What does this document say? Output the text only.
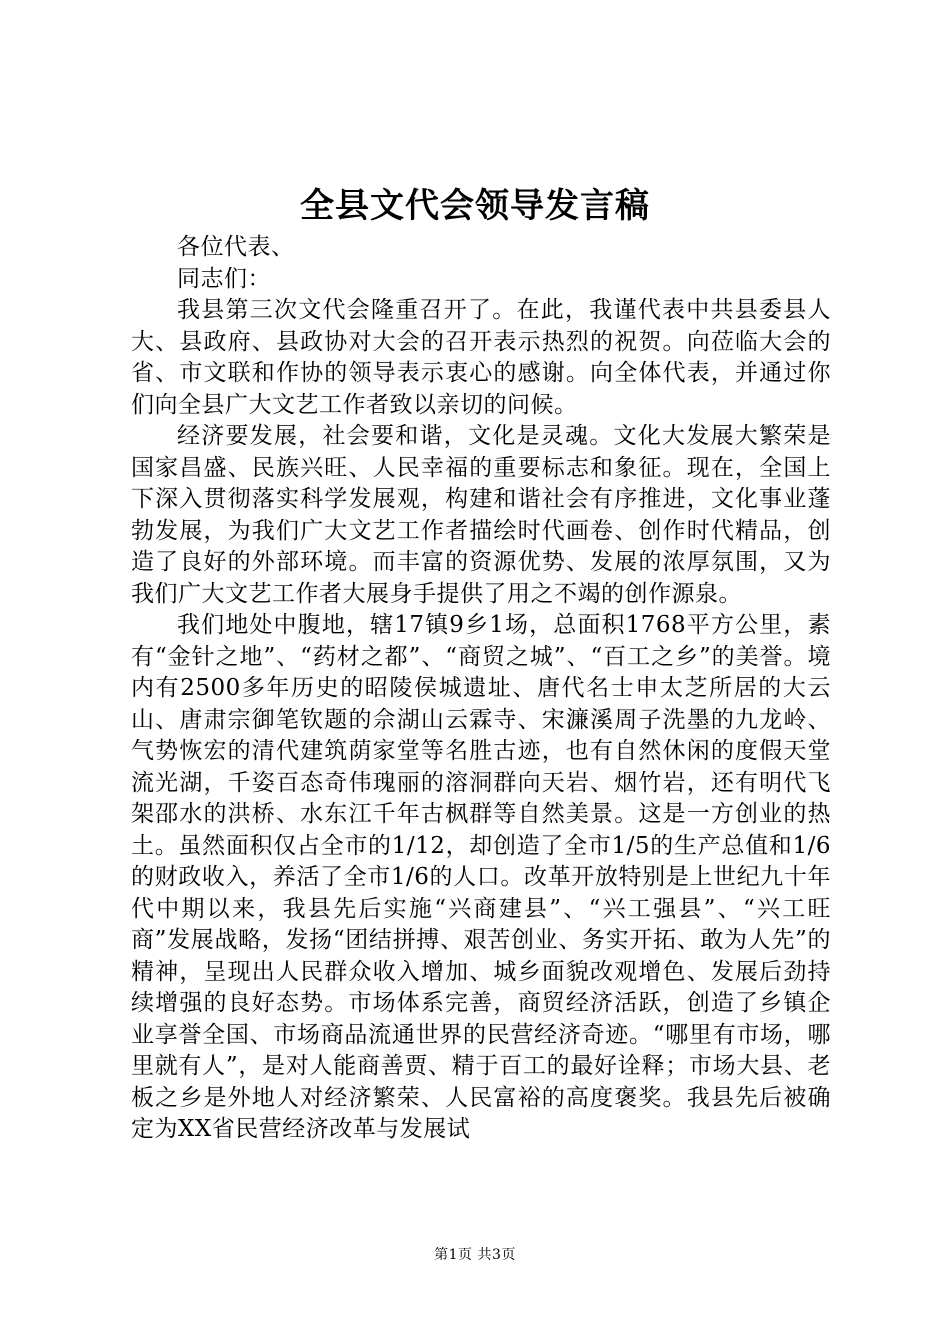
全县文代会领导发言稿

各位代表、

同志们：

我县第三次文代会隆重召开了。在此，我谨代表中共县委县人大、县政府、县政协对大会的召开表示热烈的祝贺。向莅临大会的省、市文联和作协的领导表示衷心的感谢。向全体代表，并通过你们向全县广大文艺工作者致以亲切的问候。

经济要发展，社会要和谐，文化是灵魂。文化大发展大繁荣是国家昌盛、民族兴旺、人民幸福的重要标志和象征。现在，全国上下深入贯彻落实科学发展观，构建和谐社会有序推进，文化事业蓬勃发展，为我们广大文艺工作者描绘时代画卷、创作时代精品，创造了良好的外部环境。而丰富的资源优势、发展的浓厚氛围，又为我们广大文艺工作者大展身手提供了用之不竭的创作源泉。

我们地处中腹地，辖17镇9乡1场，总面积1768平方公里，素有“金针之地”、“药材之都”、“商贸之城”、“百工之乡”的美誉。境内有2500多年历史的昭陵侯城遗址、唐代名士申太芝所居的大云山、唐肃宗御笔钦题的佘湖山云霖寺、宋濂溪周子洗墨的九龙岭、气势恢宏的清代建筑荫家堂等名胜古迹，也有自然休闲的度假天堂流光湖，千姿百态奇伟瑰丽的溶洞群向天岩、烟竹岩，还有明代飞架邵水的洪桥、水东江千年古枫群等自然美景。这是一方创业的热土。虽然面积仅占全市的1/12，却创造了全市1/5的生产总值和1/6的财政收入，养活了全市1/6的人口。改革开放特别是上世纪九十年代中期以来，我县先后实施“兴商建县”、“兴工强县”、“兴工旺商”发展战略，发扬“团结拼搏、艰苦创业、务实开拓、敢为人先”的精神，呈现出人民群众收入增加、城乡面貌改观增色、发展后劲持续增强的良好态势。市场体系完善，商贸经济活跃，创造了乡镇企业享誉全国、市场商品流通世界的民营经济奇迹。“哪里有市场，哪里就有人”，是对人能商善贾、精于百工的最好诠释；市场大县、老板之乡是外地人对经济繁荣、人民富裕的高度褒奖。我县先后被确定为XX省民营经济改革与发展试

第1页 共3页
